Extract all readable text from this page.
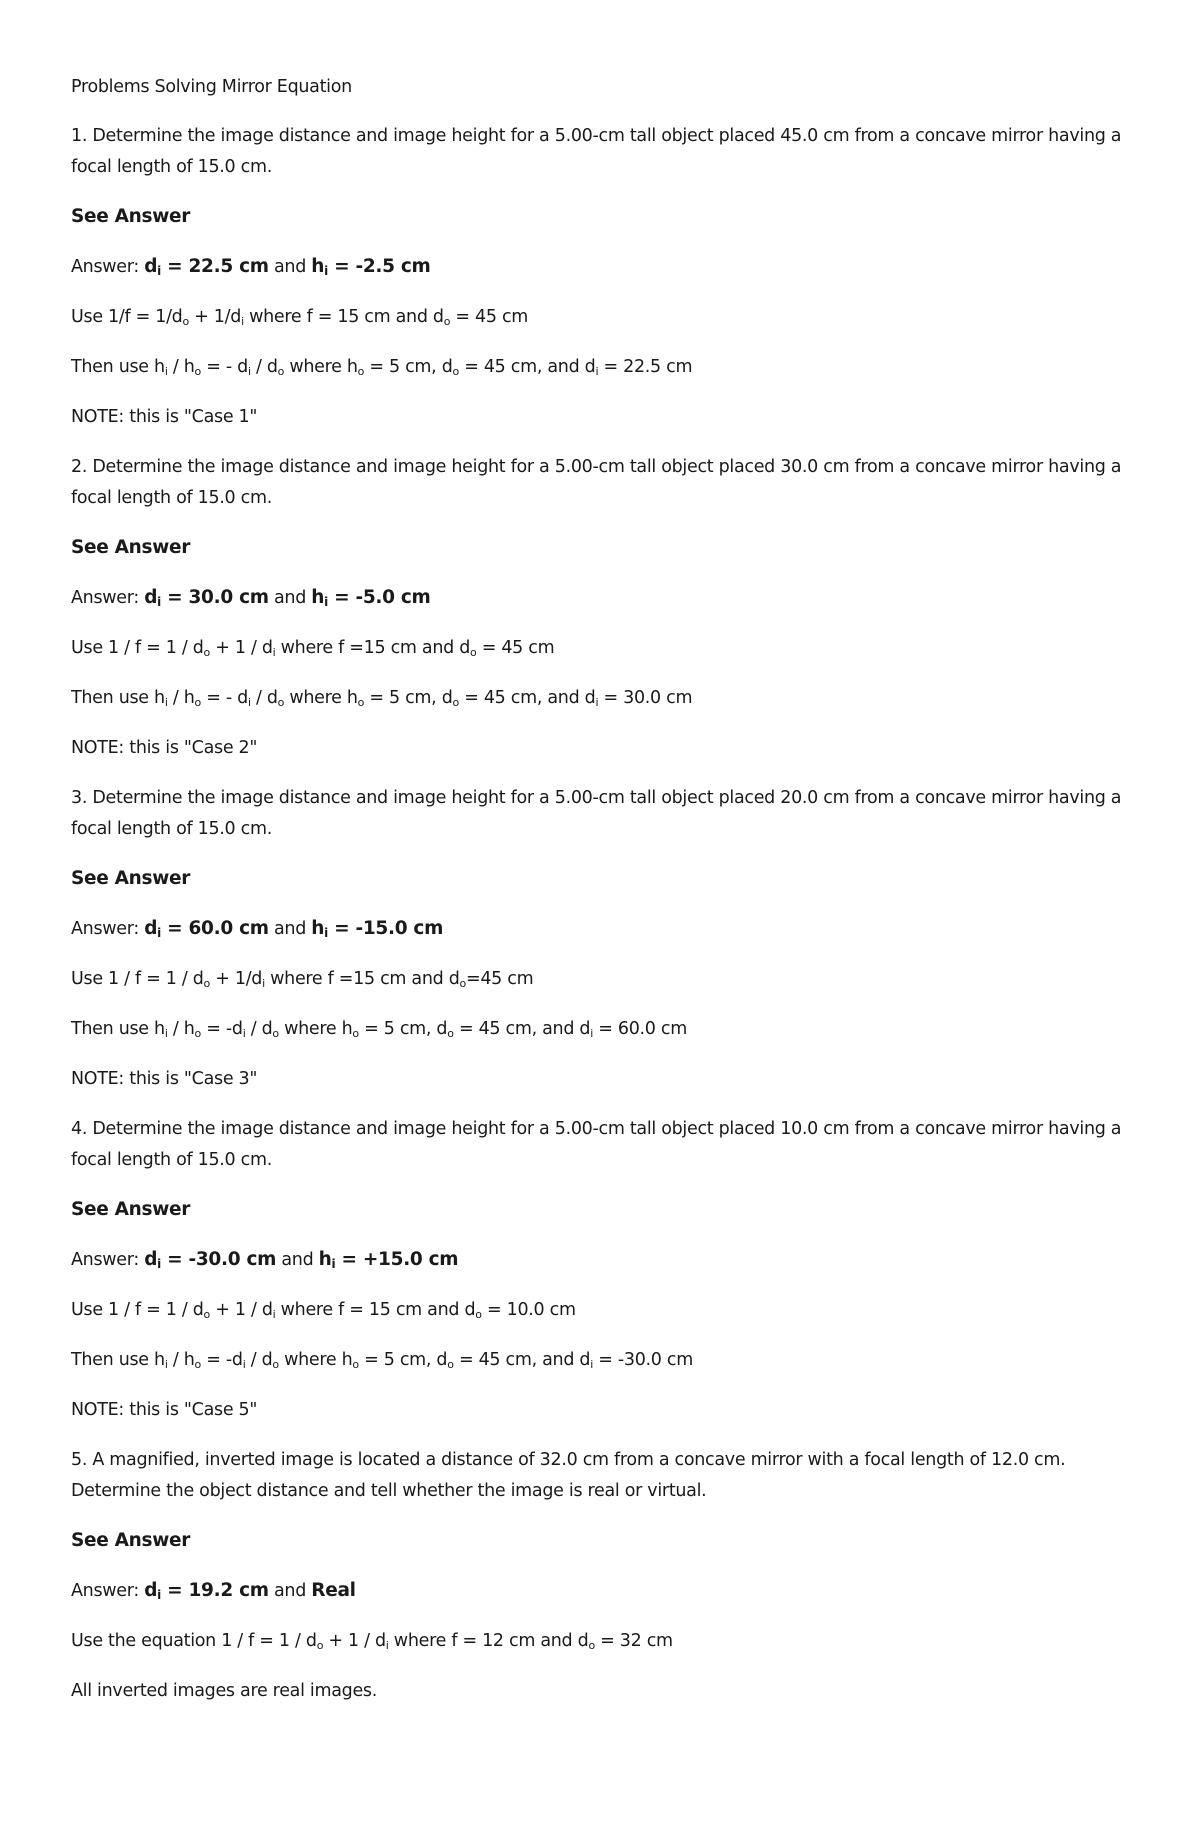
Problems Solving Mirror Equation
1. Determine the image distance and image height for a 5.00-cm tall object placed 45.0 cm from a concave mirror having a focal length of 15.0 cm.
See Answer
Answer: $d_i = 22.5$ cm and $h_i = -2.5$ cm
Use $1/f = 1/d_o + 1/d_i$ where f = 15 cm and $d_o = 45$ cm
Then use $h_i / h_o$ = - $d_i / d_o$ where $h_o = 5$ cm, $d_o = 45$ cm, and $d_i = 22.5$ cm
NOTE: this is "Case 1"
2. Determine the image distance and image height for a 5.00-cm tall object placed 30.0 cm from a concave mirror having a focal length of 15.0 cm.
See Answer
Answer: $d_i = 30.0$ cm and $h_i = -5.0$ cm
Use $1 / f = 1 / d_o + 1 / d_i$ where f =15 cm and $d_o = 45$ cm
Then use $h_i / h_o$ = - $d_i / d_o$ where $h_o = 5$ cm, $d_o = 45$ cm, and $d_i = 30.0$ cm
NOTE: this is "Case 2"
3. Determine the image distance and image height for a 5.00-cm tall object placed 20.0 cm from a concave mirror having a focal length of 15.0 cm.
See Answer
Answer: $d_i = 60.0$ cm and $h_i = -15.0$ cm
Use $1 / f = 1 / d_o + 1/d_i$ where f =15 cm and $d_o=45$ cm
Then use $h_i / h_o = -d_i / d_o$ where $h_o = 5$ cm, $d_o = 45$ cm, and $d_i = 60.0$ cm
NOTE: this is "Case 3"
4. Determine the image distance and image height for a 5.00-cm tall object placed 10.0 cm from a concave mirror having a focal length of 15.0 cm.
See Answer
Answer: $d_i = -30.0$ cm and $h_i = +15.0$ cm
Use $1 / f = 1 / d_o + 1 / d_i$ where f = 15 cm and $d_o = 10.0$ cm
Then use $h_i / h_o = -d_i / d_o$ where $h_o = 5$ cm, $d_o = 45$ cm, and $d_i = -30.0$ cm
NOTE: this is "Case 5"
5. A magnified, inverted image is located a distance of 32.0 cm from a concave mirror with a focal length of 12.0 cm. Determine the object distance and tell whether the image is real or virtual.
See Answer
Answer: $d_i = 19.2$ cm and Real
Use the equation $1 / f = 1 / d_o + 1 / d_i$ where f = 12 cm and $d_o = 32$ cm
All inverted images are real images.
